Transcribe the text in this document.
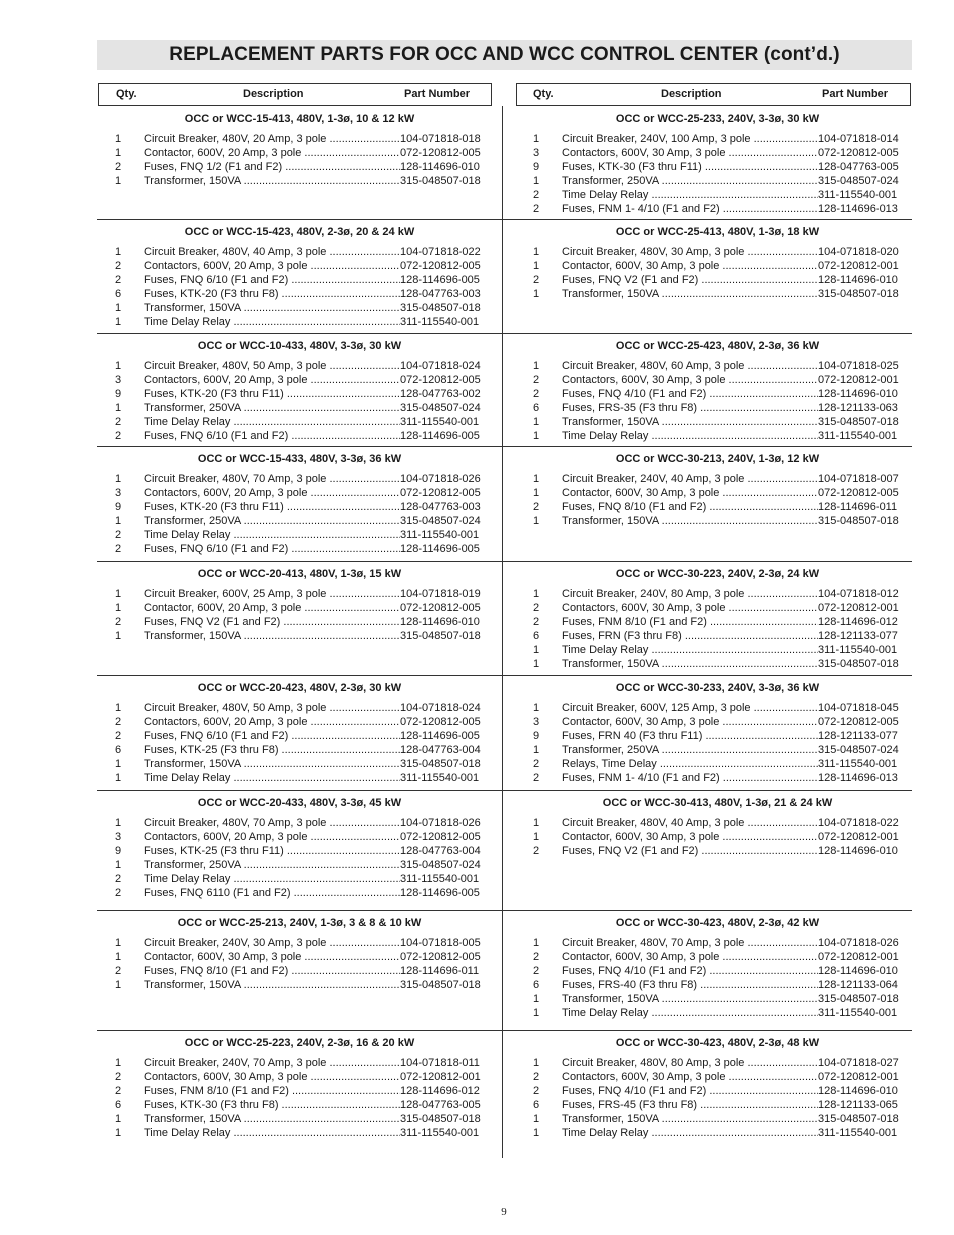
REPLACEMENT PARTS FOR OCC AND WCC CONTROL CENTER (cont’d.)
Qty.	Description	Part Number	Qty.	Description	Part Number
OCC or WCC-15-413, 480V, 1-3ø, 10 & 12 kW
1 Circuit Breaker, 480V, 20 Amp, 3 pole .....	104-071818-018
1 Contactor, 600V, 20 Amp, 3 pole .....	072-120812-005
2 Fuses, FNQ 1/2 (F1 and F2) .....	128-114696-010
1 Transformer, 150VA .....	315-048507-018
OCC or WCC-15-423, 480V, 2-3ø, 20 & 24 kW
1 Circuit Breaker, 480V, 40 Amp, 3 pole .....	104-071818-022
2 Contactors, 600V, 20 Amp, 3 pole .....	072-120812-005
2 Fuses, FNQ 6/10 (F1 and F2) .....	128-114696-005
6 Fuses, KTK-20 (F3 thru F8) .....	128-047763-003
1 Transformer, 150VA .....	315-048507-018
1 Time Delay Relay .....	311-115540-001
OCC or WCC-10-433, 480V, 3-3ø, 30 kW
1 Circuit Breaker, 480V, 50 Amp, 3 pole .....	104-071818-024
3 Contactors, 600V, 20 Amp, 3 pole .....	072-120812-005
9 Fuses, KTK-20 (F3 thru F11) .....	128-047763-002
1 Transformer, 250VA .....	315-048507-024
2 Time Delay Relay .....	311-115540-001
2 Fuses, FNQ 6/10 (F1 and F2) .....	128-114696-005
OCC or WCC-15-433, 480V, 3-3ø, 36 kW
1 Circuit Breaker, 480V, 70 Amp, 3 pole .....	104-071818-026
3 Contactors, 600V, 20 Amp, 3 pole .....	072-120812-005
9 Fuses, KTK-20 (F3 thru F11) .....	128-047763-003
1 Transformer, 250VA .....	315-048507-024
2 Time Delay Relay .....	311-115540-001
2 Fuses, FNQ 6/10 (F1 and F2) .....	128-114696-005
OCC or WCC-20-413, 480V, 1-3ø, 15 kW
1 Circuit Breaker, 600V, 25 Amp, 3 pole .....	104-071818-019
1 Contactor, 600V, 20 Amp, 3 pole .....	072-120812-005
2 Fuses, FNQ V2 (F1 and F2) .....	128-114696-010
1 Transformer, 150VA .....	315-048507-018
OCC or WCC-20-423, 480V, 2-3ø, 30 kW
1 Circuit Breaker, 480V, 50 Amp, 3 pole .....	104-071818-024
2 Contactors, 600V, 20 Amp, 3 pole .....	072-120812-005
2 Fuses, FNQ 6/10 (F1 and F2) .....	128-114696-005
6 Fuses, KTK-25 (F3 thru F8) .....	128-047763-004
1 Transformer, 150VA .....	315-048507-018
1 Time Delay Relay .....	311-115540-001
OCC or WCC-20-433, 480V, 3-3ø, 45 kW
1 Circuit Breaker, 480V, 70 Amp, 3 pole .....	104-071818-026
3 Contactors, 600V, 20 Amp, 3 pole .....	072-120812-005
9 Fuses, KTK-25 (F3 thru F11) .....	128-047763-004
1 Transformer, 250VA .....	315-048507-024
2 Time Delay Relay .....	311-115540-001
2 Fuses, FNQ 6110 (F1 and F2) .....	128-114696-005
OCC or WCC-25-213, 240V, 1-3ø, 3 & 8 & 10 kW
1 Circuit Breaker, 240V, 30 Amp, 3 pole .....	104-071818-005
1 Contactor, 600V, 30 Amp, 3 pole .....	072-120812-005
2 Fuses, FNQ 8/10 (F1 and F2) .....	128-114696-011
1 Transformer, 150VA .....	315-048507-018
OCC or WCC-25-223, 240V, 2-3ø, 16 & 20 kW
1 Circuit Breaker, 240V, 70 Amp, 3 pole .....	104-071818-011
2 Contactors, 600V, 30 Amp, 3 pole .....	072-120812-001
2 Fuses, FNM 8/10 (F1 and F2) .....	128-114696-012
6 Fuses, KTK-30 (F3 thru F8) .....	128-047763-005
1 Transformer, 150VA .....	315-048507-018
1 Time Delay Relay .....	311-115540-001
OCC or WCC-25-233, 240V, 3-3ø, 30 kW
1 Circuit Breaker, 240V, 100 Amp, 3 pole .....	104-071818-014
3 Contactors, 600V, 30 Amp, 3 pole .....	072-120812-005
9 Fuses, KTK-30 (F3 thru F11) .....	128-047763-005
1 Transformer, 250VA .....	315-048507-024
2 Time Delay Relay .....	311-115540-001
2 Fuses, FNM 1- 4/10 (F1 and F2) .....	128-114696-013
OCC or WCC-25-413, 480V, 1-3ø, 18 kW
1 Circuit Breaker, 480V, 30 Amp, 3 pole .....	104-071818-020
1 Contactor, 600V, 30 Amp, 3 pole .....	072-120812-001
2 Fuses, FNQ V2 (F1 and F2) .....	128-114696-010
1 Transformer, 150VA .....	315-048507-018
OCC or WCC-25-423, 480V, 2-3ø, 36 kW
1 Circuit Breaker, 480V, 60 Amp, 3 pole .....	104-071818-025
2 Contactors, 600V, 30 Amp, 3 pole .....	072-120812-001
2 Fuses, FNQ 4/10 (F1 and F2) .....	128-114696-010
6 Fuses, FRS-35 (F3 thru F8) .....	128-121133-063
1 Transformer, 150VA .....	315-048507-018
1 Time Delay Relay .....	311-115540-001
OCC or WCC-30-213, 240V, 1-3ø, 12 kW
1 Circuit Breaker, 240V, 40 Amp, 3 pole .....	104-071818-007
1 Contactor, 600V, 30 Amp, 3 pole .....	072-120812-005
2 Fuses, FNQ 8/10 (F1 and F2) .....	128-114696-011
1 Transformer, 150VA .....	315-048507-018
OCC or WCC-30-223, 240V, 2-3ø, 24 kW
1 Circuit Breaker, 240V, 80 Amp, 3 pole .....	104-071818-012
2 Contactors, 600V, 30 Amp, 3 pole .....	072-120812-001
2 Fuses, FNM 8/10 (F1 and F2) .....	128-114696-012
6 Fuses, FRN (F3 thru F8) .....	128-121133-077
1 Time Delay Relay .....	311-115540-001
1 Transformer, 150VA .....	315-048507-018
OCC or WCC-30-233, 240V, 3-3ø, 36 kW
1 Circuit Breaker, 600V, 125 Amp, 3 pole .....	104-071818-045
3 Contactor, 600V, 30 Amp, 3 pole .....	072-120812-005
9 Fuses, FRN 40 (F3 thru F11) .....	128-121133-077
1 Transformer, 250VA .....	315-048507-024
2 Relays, Time Delay .....	311-115540-001
2 Fuses, FNM 1- 4/10 (F1 and F2) .....	128-114696-013
OCC or WCC-30-413, 480V, 1-3ø, 21 & 24 kW
1 Circuit Breaker, 480V, 40 Amp, 3 pole .....	104-071818-022
1 Contactor, 600V, 30 Amp, 3 pole .....	072-120812-001
2 Fuses, FNQ V2 (F1 and F2) .....	128-114696-010
OCC or WCC-30-423, 480V, 2-3ø, 42 kW
1 Circuit Breaker, 480V, 70 Amp, 3 pole .....	104-071818-026
2 Contactor, 600V, 30 Amp, 3 pole .....	072-120812-001
2 Fuses, FNQ 4/10 (F1 and F2) .....	128-114696-010
6 Fuses, FRS-40 (F3 thru F8) .....	128-121133-064
1 Transformer, 150VA .....	315-048507-018
1 Time Delay Relay .....	311-115540-001
OCC or WCC-30-423, 480V, 2-3ø, 48 kW
1 Circuit Breaker, 480V, 80 Amp, 3 pole .....	104-071818-027
2 Contactors, 600V, 30 Amp, 3 pole .....	072-120812-001
2 Fuses, FNQ 4/10 (F1 and F2) .....	128-114696-010
6 Fuses, FRS-45 (F3 thru F8) .....	128-121133-065
1 Transformer, 150VA .....	315-048507-018
1 Time Delay Relay .....	311-115540-001
9
